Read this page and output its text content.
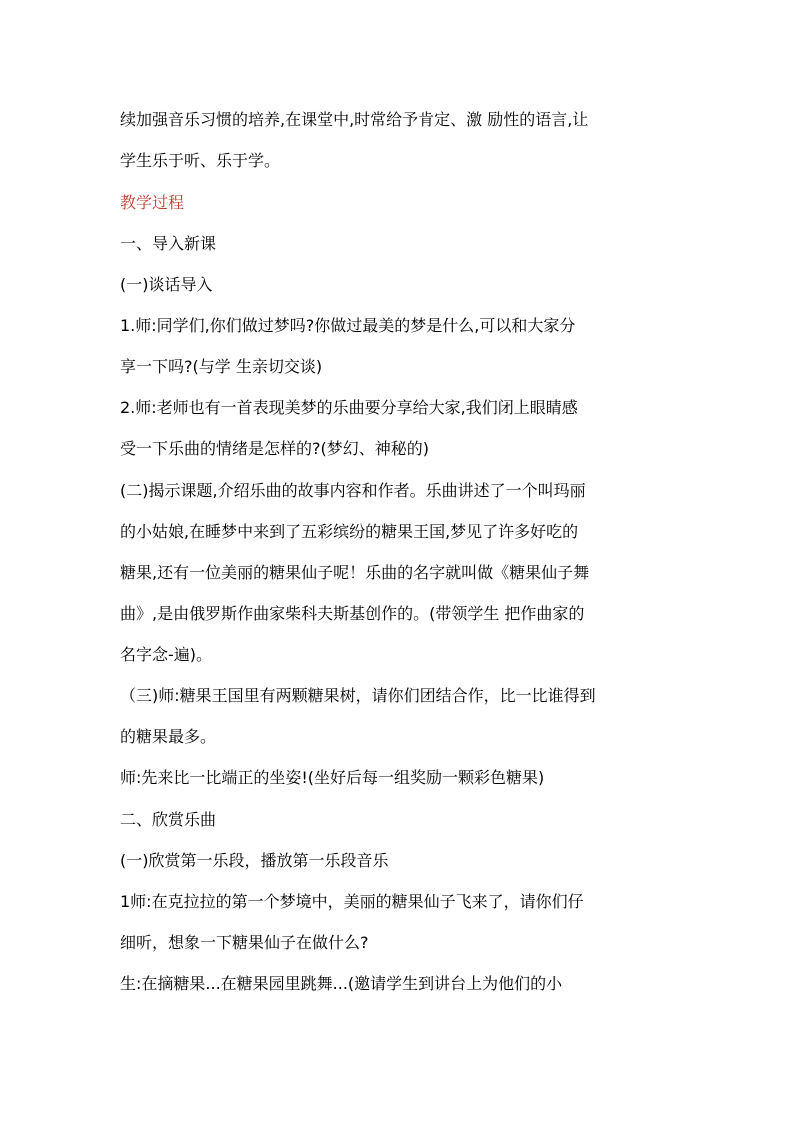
续加强音乐习惯的培养,在课堂中,时常给予肯定、激 励性的语言,让
学生乐于听、乐于学。
教学过程
一、导入新课
(一)谈话导入
1.师:同学们,你们做过梦吗?你做过最美的梦是什么,可以和大家分
享一下吗?(与学 生亲切交谈)
2.师:老师也有一首表现美梦的乐曲要分享给大家,我们闭上眼睛感
受一下乐曲的情绪是怎样的?(梦幻、神秘的)
(二)揭示课题,介绍乐曲的故事内容和作者。乐曲讲述了一个叫玛丽
的小姑娘,在睡梦中来到了五彩缤纷的糖果王国,梦见了许多好吃的
糖果,还有一位美丽的糖果仙子呢！乐曲的名字就叫做《糖果仙子舞
曲》,是由俄罗斯作曲家柴科夫斯基创作的。(带领学生 把作曲家的
名字念-遍)。
（三)师:糖果王国里有两颗糖果树，请你们团结合作，比一比谁得到
的糖果最多。
师:先来比一比端正的坐姿!(坐好后每一组奖励一颗彩色糖果)
二、欣赏乐曲
(一)欣赏第一乐段，播放第一乐段音乐
1师:在克拉拉的第一个梦境中，美丽的糖果仙子飞来了，请你们仔
细听，想象一下糖果仙子在做什么?
生:在摘糖果...在糖果园里跳舞...(邀请学生到讲台上为他们的小
